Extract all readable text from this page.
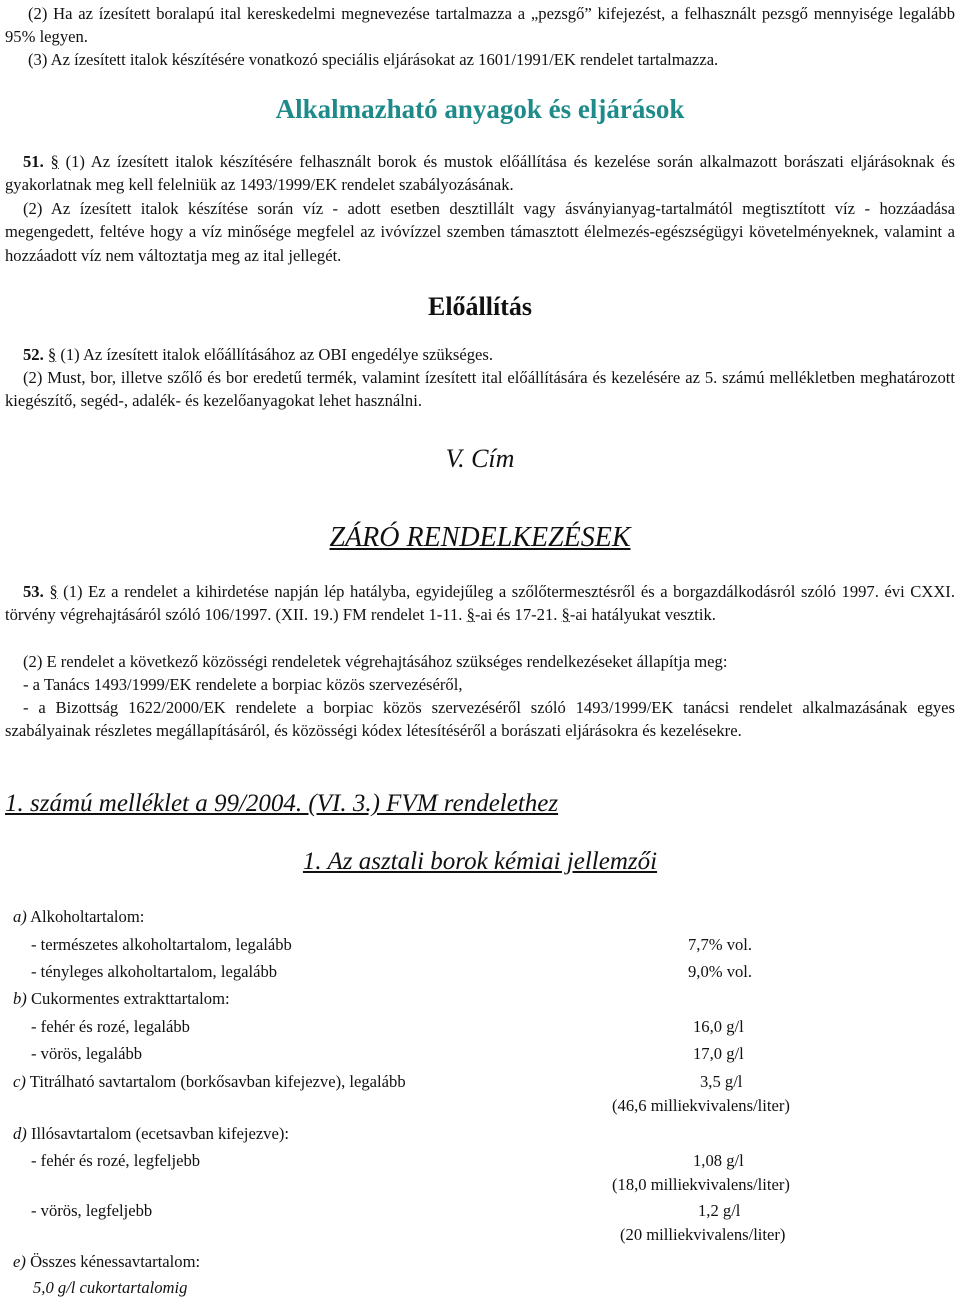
(2) Ha az ízesített boralapú ital kereskedelmi megnevezése tartalmazza a „pezsgő” kifejezést, a felhasznált pezsgő mennyisége legalább 95% legyen.

(3) Az ízesített italok készítésére vonatkozó speciális eljárásokat az 1601/1991/EK rendelet tartalmazza.

Alkalmazható anyagok és eljárások

51. § (1) Az ízesített italok készítésére felhasznált borok és mustok előállítása és kezelése során alkalmazott borászati eljárásoknak és gyakorlatnak meg kell felelniük az 1493/1999/EK rendelet szabályozásának.

(2) Az ízesített italok készítése során víz - adott esetben desztillált vagy ásványianyag-tartalmától megtisztított víz - hozzáadása megengedett, feltéve hogy a víz minősége megfelel az ivóvízzel szemben támasztott élelmezés-egészségügyi követelményeknek, valamint a hozzáadott víz nem változtatja meg az ital jellegét.

Előállítás

52. § (1) Az ízesített italok előállításához az OBI engedélye szükséges.

(2) Must, bor, illetve szőlő és bor eredetű termék, valamint ízesített ital előállítására és kezelésére az 5. számú mellékletben meghatározott kiegészítő, segéd-, adalék- és kezelőanyagokat lehet használni.

V. Cím
ZÁRÓ RENDELKEZÉSEK

53. § (1) Ez a rendelet a kihirdetése napján lép hatályba, egyidejűleg a szőlőtermesztésről és a borgazdálkodásról szóló 1997. évi CXXI. törvény végrehajtásáról szóló 106/1997. (XII. 19.) FM rendelet 1-11. §-ai és 17-21. §-ai hatályukat vesztik.

(2) E rendelet a következő közösségi rendeletek végrehajtásához szükséges rendelkezéseket állapítja meg:

- a Tanács 1493/1999/EK rendelete a borpiac közös szervezéséről,

- a Bizottság 1622/2000/EK rendelete a borpiac közös szervezéséről szóló 1493/1999/EK tanácsi rendelet alkalmazásának egyes szabályainak részletes megállapításáról, és közösségi kódex létesítéséről a borászati eljárásokra és kezelésekre.

1. számú melléklet a 99/2004. (VI. 3.) FVM rendelethez
1. Az asztali borok kémiai jellemzői
a) Alkoholtartalom:
- természetes alkoholtartalom, legalább	7,7% vol.
- tényleges alkoholtartalom, legalább	9,0% vol.
b) Cukormentes extrakttartalom:
- fehér és rozé, legalább	16,0 g/l
- vörös, legalább	17,0 g/l
c) Titrálható savtartalom (borkősavban kifejezve), legalább	3,5 g/l
(46,6 milliekvivalens/liter)
d) Illósavtartalom (ecetsavban kifejezve):
- fehér és rozé, legfeljebb	1,08 g/l
(18,0 milliekvivalens/liter)
- vörös, legfeljebb	1,2 g/l
(20 milliekvivalens/liter)
e) Összes kénessavtartalom:
5,0 g/l cukortartalomig
